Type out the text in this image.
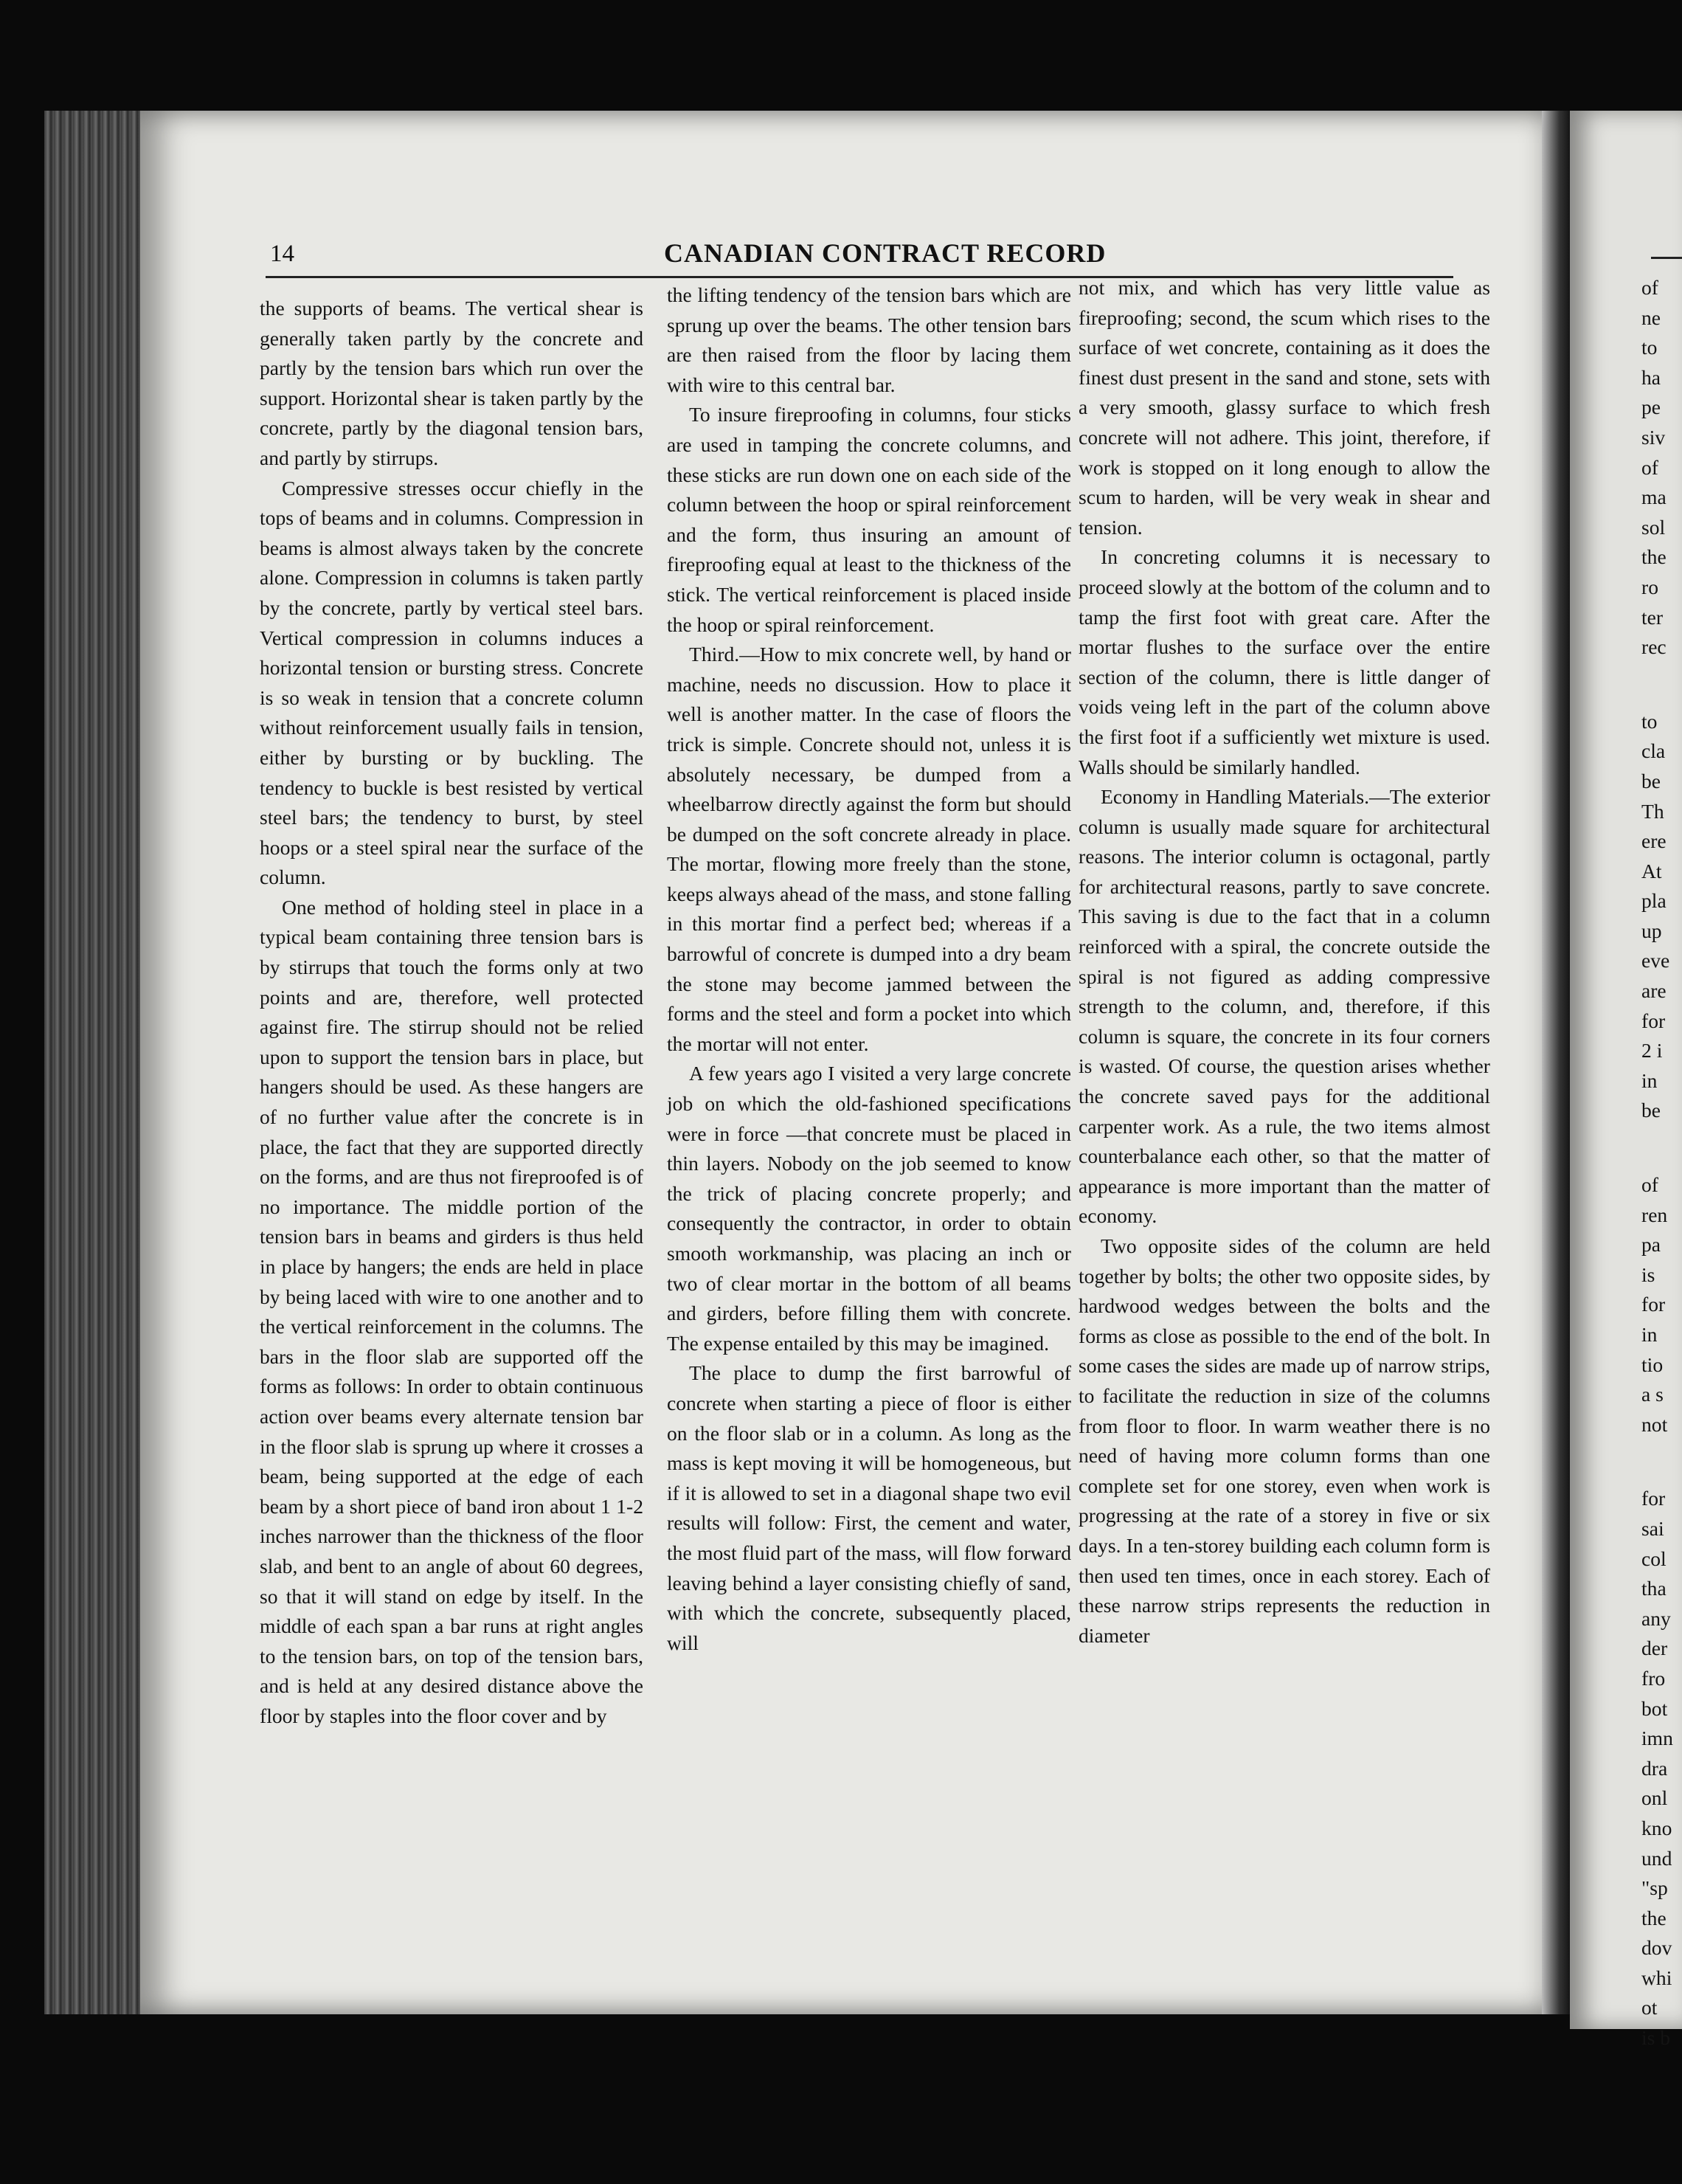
14	CANADIAN CONTRACT RECORD

the supports of beams. The vertical shear is generally taken partly by the concrete and partly by the tension bars which run over the support. Horizontal shear is taken partly by the concrete, partly by the diagonal tension bars, and partly by stirrups.

Compressive stresses occur chiefly in the tops of beams and in columns. Compression in beams is almost always taken by the concrete alone. Compression in columns is taken partly by the concrete, partly by vertical steel bars. Vertical compression in columns induces a horizontal tension or bursting stress. Concrete is so weak in tension that a concrete column without reinforcement usually fails in tension, either by bursting or by buckling. The tendency to buckle is best resisted by vertical steel bars; the tendency to burst, by steel hoops or a steel spiral near the surface of the column.

One method of holding steel in place in a typical beam containing three tension bars is by stirrups that touch the forms only at two points and are, therefore, well protected against fire. The stirrup should not be relied upon to support the tension bars in place, but hangers should be used. As these hangers are of no further value after the concrete is in place, the fact that they are supported directly on the forms, and are thus not fireproofed is of no importance. The middle portion of the tension bars in beams and girders is thus held in place by hangers; the ends are held in place by being laced with wire to one another and to the vertical reinforcement in the columns. The bars in the floor slab are supported off the forms as follows: In order to obtain continuous action over beams every alternate tension bar in the floor slab is sprung up where it crosses a beam, being supported at the edge of each beam by a short piece of band iron about 1 1-2 inches narrower than the thickness of the floor slab, and bent to an angle of about 60 degrees, so that it will stand on edge by itself. In the middle of each span a bar runs at right angles to the tension bars, on top of the tension bars, and is held at any desired distance above the floor by staples into the floor cover and by

the lifting tendency of the tension bars which are sprung up over the beams. The other tension bars are then raised from the floor by lacing them with wire to this central bar.

To insure fireproofing in columns, four sticks are used in tamping the concrete columns, and these sticks are run down one on each side of the column between the hoop or spiral reinforcement and the form, thus insuring an amount of fireproofing equal at least to the thickness of the stick. The vertical reinforcement is placed inside the hoop or spiral reinforcement.

Third.—How to mix concrete well, by hand or machine, needs no discussion. How to place it well is another matter. In the case of floors the trick is simple. Concrete should not, unless it is absolutely necessary, be dumped from a wheelbarrow directly against the form but should be dumped on the soft concrete already in place. The mortar, flowing more freely than the stone, keeps always ahead of the mass, and stone falling in this mortar find a perfect bed; whereas if a barrowful of concrete is dumped into a dry beam the stone may become jammed between the forms and the steel and form a pocket into which the mortar will not enter.

A few years ago I visited a very large concrete job on which the old-fashioned specifications were in force —that concrete must be placed in thin layers. Nobody on the job seemed to know the trick of placing concrete properly; and consequently the contractor, in order to obtain smooth workmanship, was placing an inch or two of clear mortar in the bottom of all beams and girders, before filling them with concrete. The expense entailed by this may be imagined.

The place to dump the first barrowful of concrete when starting a piece of floor is either on the floor slab or in a column. As long as the mass is kept moving it will be homogeneous, but if it is allowed to set in a diagonal shape two evil results will follow: First, the cement and water, the most fluid part of the mass, will flow forward leaving behind a layer consisting chiefly of sand, with which the concrete, subsequently placed, will

not mix, and which has very little value as fireproofing; second, the scum which rises to the surface of wet concrete, containing as it does the finest dust present in the sand and stone, sets with a very smooth, glassy surface to which fresh concrete will not adhere. This joint, therefore, if work is stopped on it long enough to allow the scum to harden, will be very weak in shear and tension.

In concreting columns it is necessary to proceed slowly at the bottom of the column and to tamp the first foot with great care. After the mortar flushes to the surface over the entire section of the column, there is little danger of voids veing left in the part of the column above the first foot if a sufficiently wet mixture is used. Walls should be similarly handled.

Economy in Handling Materials.—The exterior column is usually made square for architectural reasons. The interior column is octagonal, partly for architectural reasons, partly to save concrete. This saving is due to the fact that in a column reinforced with a spiral, the concrete outside the spiral is not figured as adding compressive strength to the column, and, therefore, if this column is square, the concrete in its four corners is wasted. Of course, the question arises whether the concrete saved pays for the additional carpenter work. As a rule, the two items almost counterbalance each other, so that the matter of appearance is more important than the matter of economy.

Two opposite sides of the column are held together by bolts; the other two opposite sides, by hardwood wedges between the bolts and the forms as close as possible to the end of the bolt. In some cases the sides are made up of narrow strips, to facilitate the reduction in size of the columns from floor to floor. In warm weather there is no need of having more column forms than one complete set for one storey, even when work is progressing at the rate of a storey in five or six days. In a ten-storey building each column form is then used ten times, once in each storey. Each of these narrow strips represents the reduction in diameter

of
ne
to
ha
pe
siv
of
ma
sol
the
ro
ter
rec
to
cla
be
Th
ere
At
pla
up
eve
are
for
2 i
in
be
of
ren
pa
is
for
in
tio
a s
not
for
sai
col
tha
any
der
fro
bot
imn
dra
onl
kno
und
"sp
the
dov
whi
ot
is b
